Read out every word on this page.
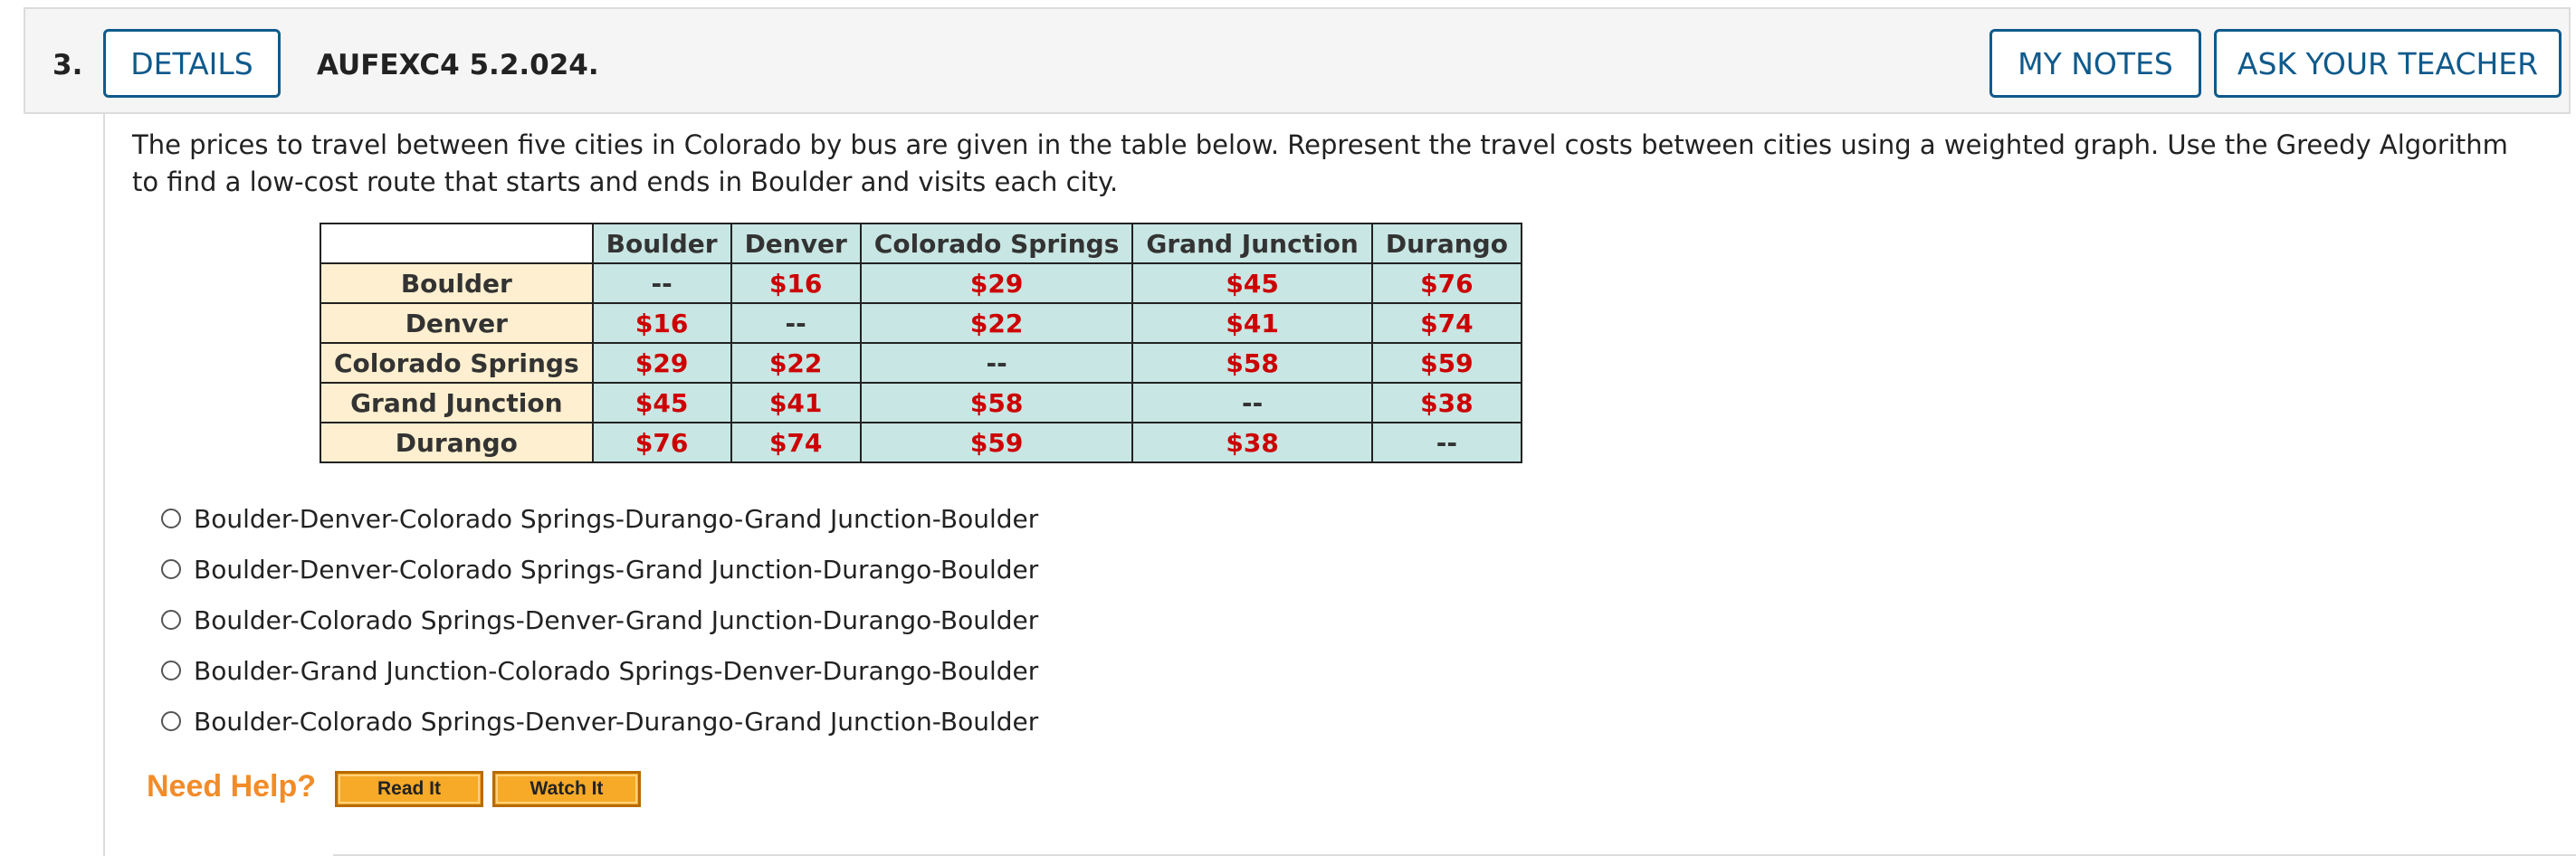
3.	DETAILS	AUFEXC4 5.2.024.	MY NOTES	ASK YOUR TEACHER
The prices to travel between five cities in Colorado by bus are given in the table below. Represent the travel costs between cities using a weighted graph. Use the Greedy Algorithm to find a low-cost route that starts and ends in Boulder and visits each city.
	Boulder	Denver	Colorado Springs	Grand Junction	Durango
Boulder	--	$16	$29	$45	$76
Denver	$16	--	$22	$41	$74
Colorado Springs	$29	$22	--	$58	$59
Grand Junction	$45	$41	$58	--	$38
Durango	$76	$74	$59	$38	--
Boulder-Denver-Colorado Springs-Durango-Grand Junction-Boulder
Boulder-Denver-Colorado Springs-Grand Junction-Durango-Boulder
Boulder-Colorado Springs-Denver-Grand Junction-Durango-Boulder
Boulder-Grand Junction-Colorado Springs-Denver-Durango-Boulder
Boulder-Colorado Springs-Denver-Durango-Grand Junction-Boulder
Need Help?	Read It	Watch It
